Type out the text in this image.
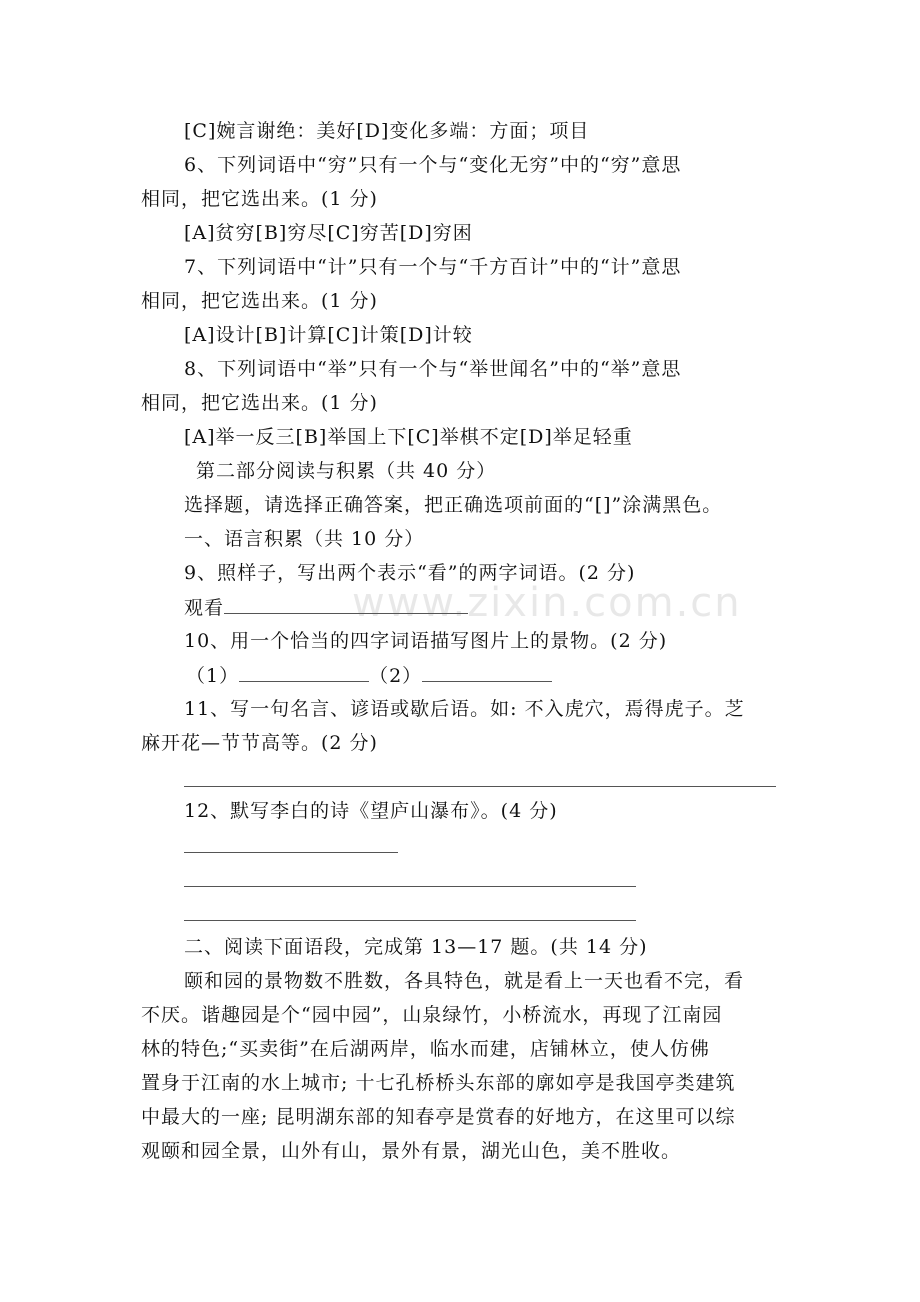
www.zixin.com.cn
[C]婉言谢绝：美好[D]变化多端：方面；项目
6、下列词语中“穷”只有一个与“变化无穷”中的“穷”意思
相同，把它选出来。(1 分)
[A]贫穷[B]穷尽[C]穷苦[D]穷困
7、下列词语中“计”只有一个与“千方百计”中的“计”意思
相同，把它选出来。(1 分)
[A]设计[B]计算[C]计策[D]计较
8、下列词语中“举”只有一个与“举世闻名”中的“举”意思
相同，把它选出来。(1 分)
[A]举一反三[B]举国上下[C]举棋不定[D]举足轻重
第二部分阅读与积累（共 40 分）
选择题，请选择正确答案，把正确选项前面的“[]”涂满黑色。
一、语言积累（共 10 分）
9、照样子，写出两个表示“看”的两字词语。(2 分)
观看
10、用一个恰当的四字词语描写图片上的景物。(2 分)
（1）	（2）
11、写一句名言、谚语或歇后语。如: 不入虎穴，焉得虎子。芝
麻开花—节节高等。(2 分)
12、默写李白的诗《望庐山瀑布》。(4 分)
二、阅读下面语段，完成第 13—17 题。(共 14 分)
颐和园的景物数不胜数，各具特色，就是看上一天也看不完，看
不厌。谐趣园是个“园中园”，山泉绿竹，小桥流水，再现了江南园
林的特色;“买卖街”在后湖两岸，临水而建，店铺林立，使人仿佛
置身于江南的水上城市; 十七孔桥桥头东部的廓如亭是我国亭类建筑
中最大的一座; 昆明湖东部的知春亭是赏春的好地方，在这里可以综
观颐和园全景，山外有山，景外有景，湖光山色，美不胜收。
